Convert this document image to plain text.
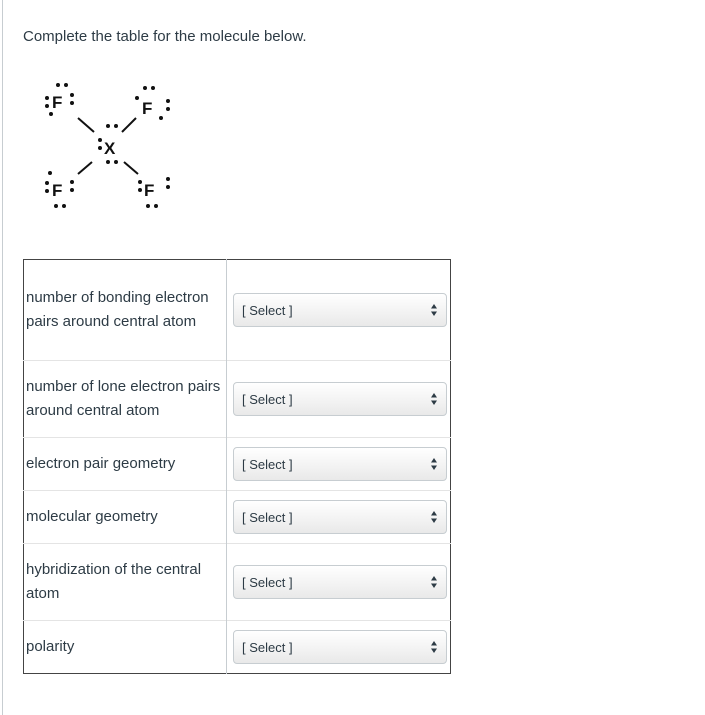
Complete the table for the molecule below.

F	F
X
F	F
number of bonding electron pairs around central atom	[ Select ]

number of lone electron pairs around central atom	[ Select ]

electron pair geometry	[ Select ]

molecular geometry	[ Select ]

hybridization of the central atom	[ Select ]

polarity	[ Select ]
